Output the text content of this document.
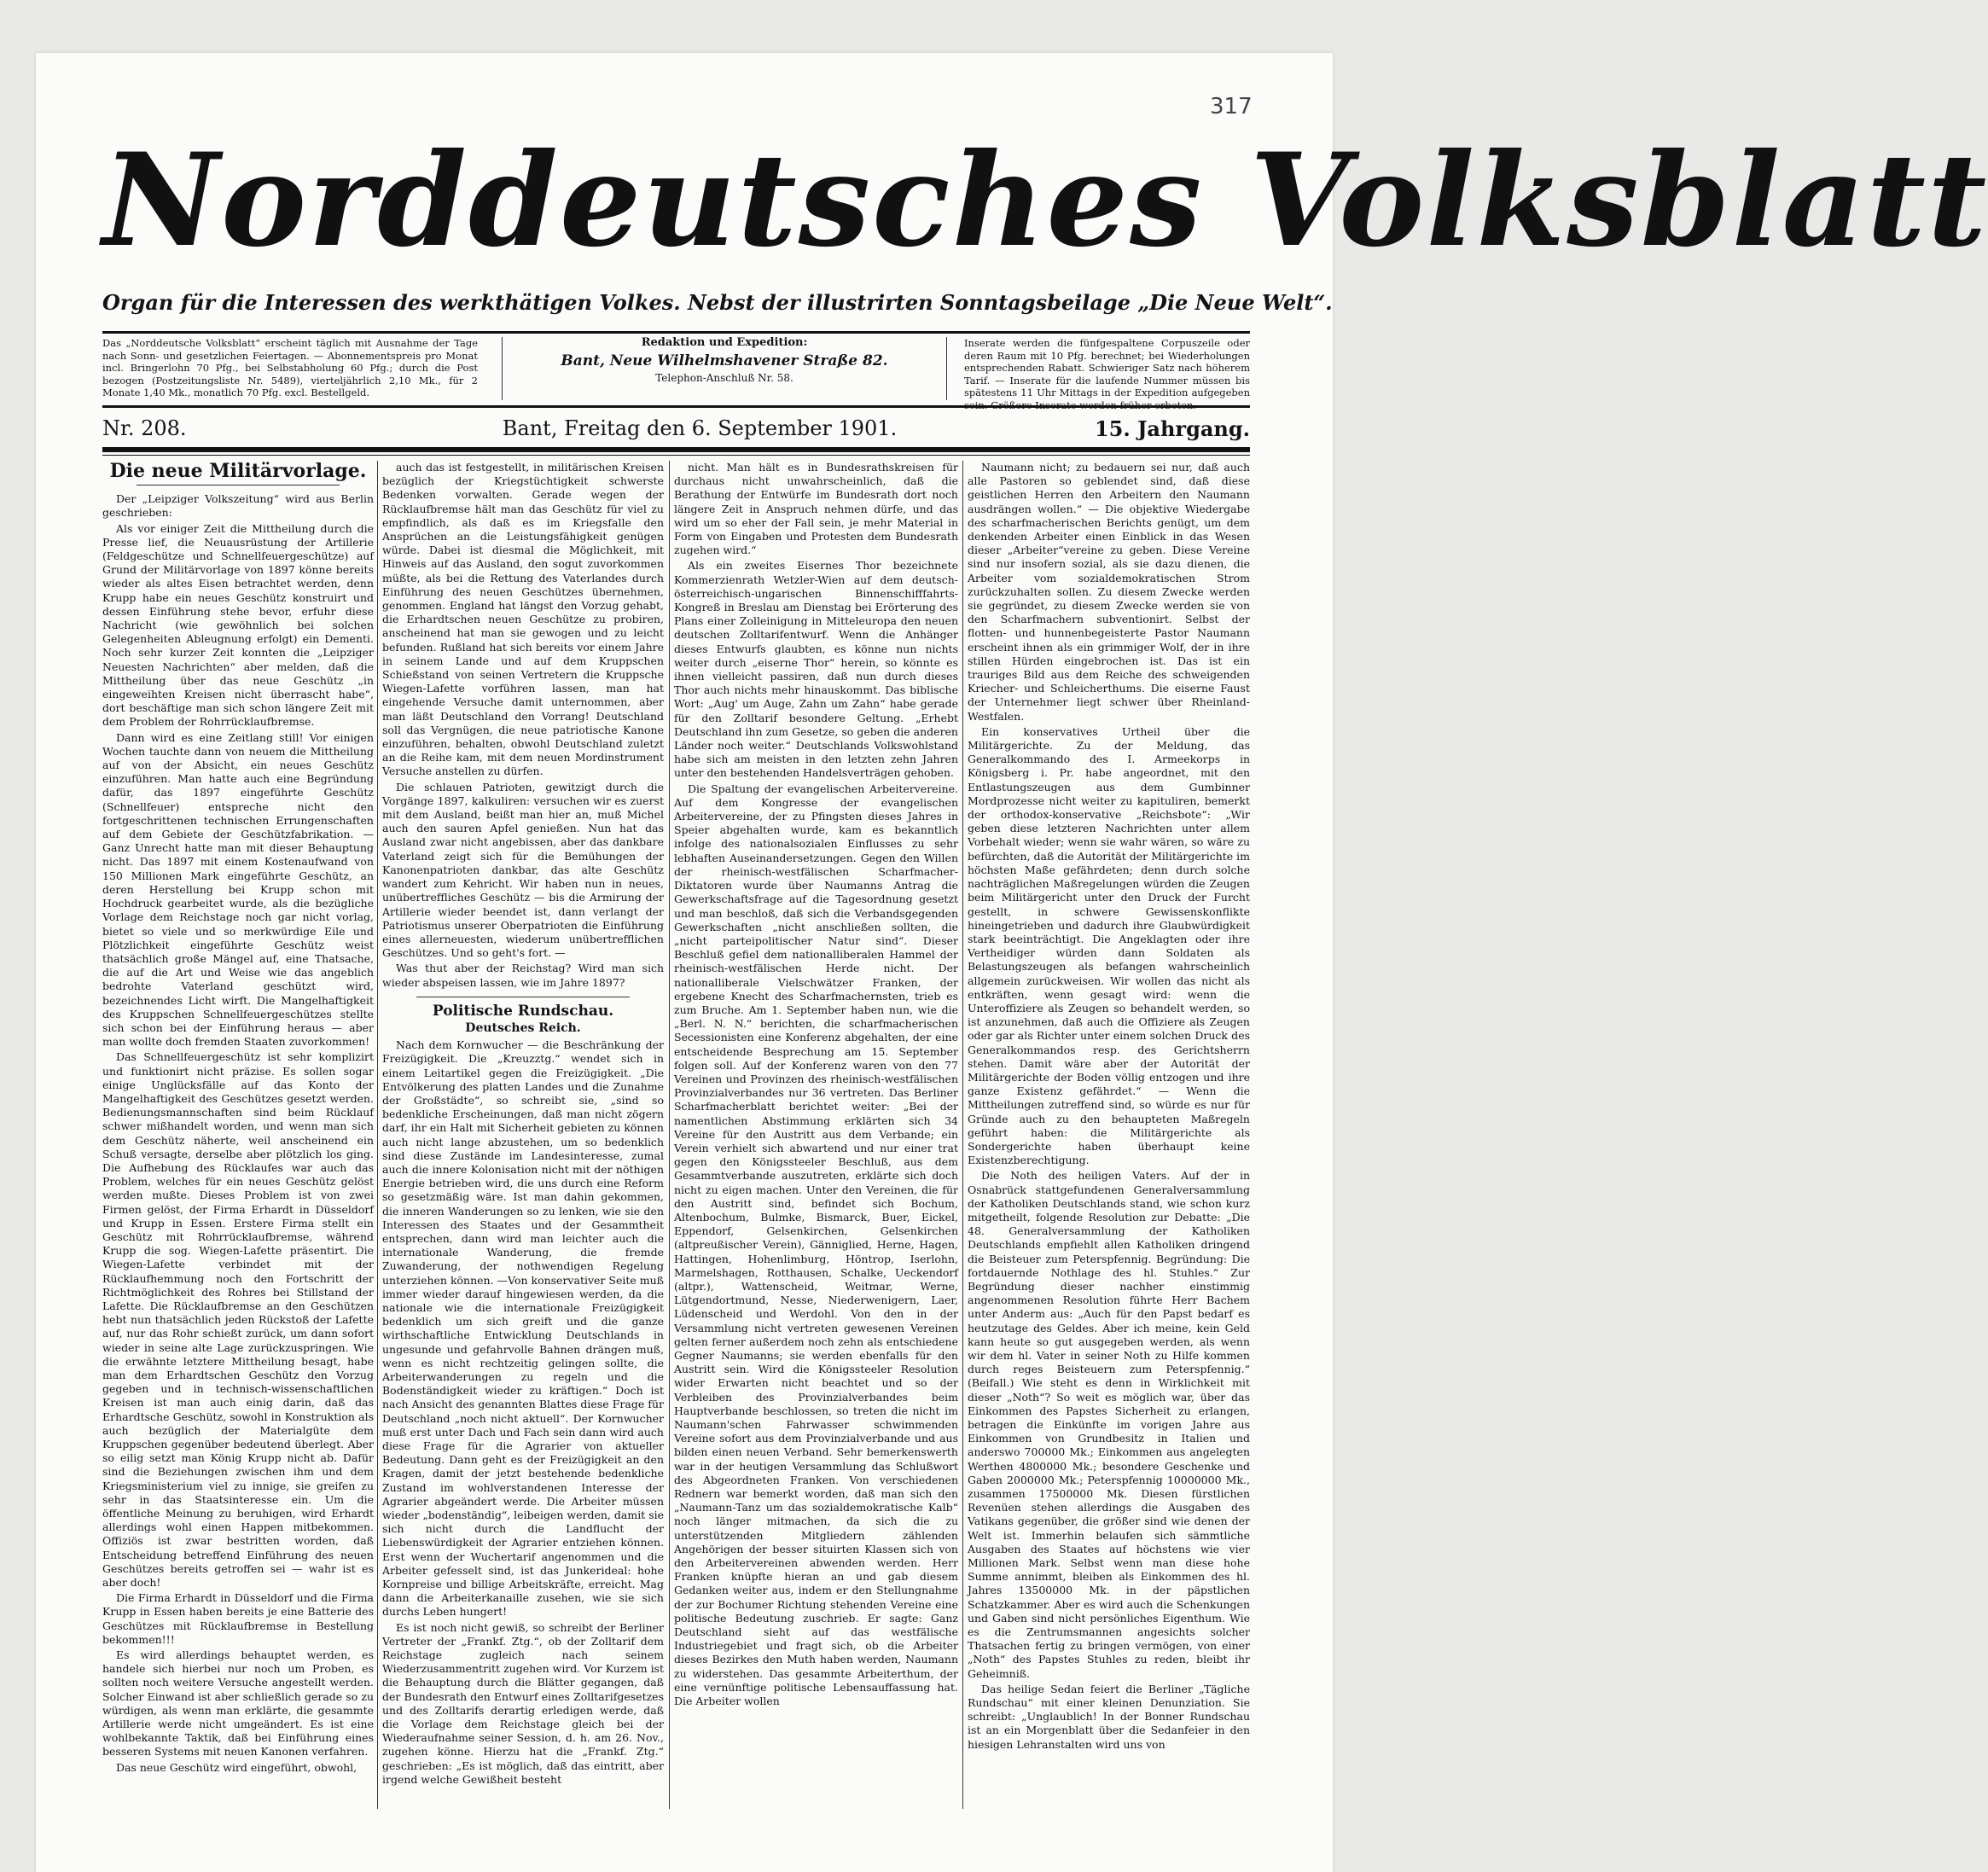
317
Norddeutsches Volksblatt
Organ für die Interessen des werkthätigen Volkes. Nebst der illustrirten Sonntagsbeilage „Die Neue Welt“.
Das „Norddeutsche Volksblatt“ erscheint täglich mit Ausnahme der Tage nach Sonn- und gesetzlichen Feiertagen. — Abonnementspreis pro Monat incl. Bringerlohn 70 Pfg., bei Selbstabholung 60 Pfg.; durch die Post bezogen (Postzeitungsliste Nr. 5489), vierteljährlich 2,10 Mk., für 2 Monate 1,40 Mk., monatlich 70 Pfg. excl. Bestellgeld.
Redaktion und Expedition:
Bant, Neue Wilhelmshavener Straße 82.
Telephon-Anschluß Nr. 58.
Inserate werden die fünfgespaltene Corpuszeile oder deren Raum mit 10 Pfg. berechnet; bei Wiederholungen entsprechenden Rabatt. Schwieriger Satz nach höherem Tarif. — Inserate für die laufende Nummer müssen bis spätestens 11 Uhr Mittags in der Expedition aufgegeben sein. Größere Inserate werden früher erbeten.
Nr. 208.	Bant, Freitag den 6. September 1901.	15. Jahrgang.
Die neue Militärvorlage.

Der „Leipziger Volkszeitung“ wird aus Berlin geschrieben:

Als vor einiger Zeit die Mittheilung durch die Presse lief, die Neuausrüstung der Artillerie (Feldgeschütze und Schnellfeuergeschütze) auf Grund der Militärvorlage von 1897 könne bereits wieder als altes Eisen betrachtet werden, denn Krupp habe ein neues Geschütz konstruirt und dessen Einführung stehe bevor, erfuhr diese Nachricht (wie gewöhnlich bei solchen Gelegenheiten Ableugnung erfolgt) ein Dementi. Noch sehr kurzer Zeit konnten die „Leipziger Neuesten Nachrichten“ aber melden, daß die Mittheilung über das neue Geschütz „in eingeweihten Kreisen nicht überrascht habe“, dort beschäftige man sich schon längere Zeit mit dem Problem der Rohrrücklaufbremse.

Dann wird es eine Zeitlang still! Vor einigen Wochen tauchte dann von neuem die Mittheilung auf von der Absicht, ein neues Geschütz einzuführen. Man hatte auch eine Begründung dafür, das 1897 eingeführte Geschütz (Schnellfeuer) entspreche nicht den fortgeschrittenen technischen Errungenschaften auf dem Gebiete der Geschützfabrikation. — Ganz Unrecht hatte man mit dieser Behauptung nicht. Das 1897 mit einem Kostenaufwand von 150 Millionen Mark eingeführte Geschütz, an deren Herstellung bei Krupp schon mit Hochdruck gearbeitet wurde, als die bezügliche Vorlage dem Reichstage noch gar nicht vorlag, bietet so viele und so merkwürdige Eile und Plötzlichkeit eingeführte Geschütz weist thatsächlich große Mängel auf, eine Thatsache, die auf die Art und Weise wie das angeblich bedrohte Vaterland geschützt wird, bezeichnendes Licht wirft. Die Mangelhaftigkeit des Kruppschen Schnellfeuergeschützes stellte sich schon bei der Einführung heraus — aber man wollte doch fremden Staaten zuvorkommen!

Das Schnellfeuergeschütz ist sehr komplizirt und funktionirt nicht präzise. Es sollen sogar einige Unglücksfälle auf das Konto der Mangelhaftigkeit des Geschützes gesetzt werden. Bedienungsmannschaften sind beim Rücklauf schwer mißhandelt worden, und wenn man sich dem Geschütz näherte, weil anscheinend ein Schuß versagte, derselbe aber plötzlich los ging. Die Aufhebung des Rücklaufes war auch das Problem, welches für ein neues Geschütz gelöst werden mußte. Dieses Problem ist von zwei Firmen gelöst, der Firma Erhardt in Düsseldorf und Krupp in Essen. Erstere Firma stellt ein Geschütz mit Rohrrücklaufbremse, während Krupp die sog. Wiegen-Lafette präsentirt. Die Wiegen-Lafette verbindet mit der Rücklaufhemmung noch den Fortschritt der Richtmöglichkeit des Rohres bei Stillstand der Lafette. Die Rücklaufbremse an den Geschützen hebt nun thatsächlich jeden Rückstoß der Lafette auf, nur das Rohr schießt zurück, um dann sofort wieder in seine alte Lage zurückzuspringen. Wie die erwähnte letztere Mittheilung besagt, habe man dem Erhardtschen Geschütz den Vorzug gegeben und in technisch-wissenschaftlichen Kreisen ist man auch einig darin, daß das Erhardtsche Geschütz, sowohl in Konstruktion als auch bezüglich der Materialgüte dem Kruppschen gegenüber bedeutend überlegt. Aber so eilig setzt man König Krupp nicht ab. Dafür sind die Beziehungen zwischen ihm und dem Kriegsministerium viel zu innige, sie greifen zu sehr in das Staatsinteresse ein. Um die öffentliche Meinung zu beruhigen, wird Erhardt allerdings wohl einen Happen mitbekommen. Offiziös ist zwar bestritten worden, daß Entscheidung betreffend Einführung des neuen Geschützes bereits getroffen sei — wahr ist es aber doch!

Die Firma Erhardt in Düsseldorf und die Firma Krupp in Essen haben bereits je eine Batterie des Geschützes mit Rücklaufbremse in Bestellung bekommen!!!

Es wird allerdings behauptet werden, es handele sich hierbei nur noch um Proben, es sollten noch weitere Versuche angestellt werden. Solcher Einwand ist aber schließlich gerade so zu würdigen, als wenn man erklärte, die gesammte Artillerie werde nicht umgeändert. Es ist eine wohlbekannte Taktik, daß bei Einführung eines besseren Systems mit neuen Kanonen verfahren.

Das neue Geschütz wird eingeführt, obwohl,

auch das ist festgestellt, in militärischen Kreisen bezüglich der Kriegstüchtigkeit schwerste Bedenken vorwalten. Gerade wegen der Rücklaufbremse hält man das Geschütz für viel zu empfindlich, als daß es im Kriegsfalle den Ansprüchen an die Leistungsfähigkeit genügen würde. Dabei ist diesmal die Möglichkeit, mit Hinweis auf das Ausland, den sogut zuvorkommen müßte, als bei die Rettung des Vaterlandes durch Einführung des neuen Geschützes übernehmen, genommen. England hat längst den Vorzug gehabt, die Erhardtschen neuen Geschütze zu probiren, anscheinend hat man sie gewogen und zu leicht befunden. Rußland hat sich bereits vor einem Jahre in seinem Lande und auf dem Kruppschen Schießstand von seinen Vertretern die Kruppsche Wiegen-Lafette vorführen lassen, man hat eingehende Versuche damit unternommen, aber man läßt Deutschland den Vorrang! Deutschland soll das Vergnügen, die neue patriotische Kanone einzuführen, behalten, obwohl Deutschland zuletzt an die Reihe kam, mit dem neuen Mordinstrument Versuche anstellen zu dürfen.

Die schlauen Patrioten, gewitzigt durch die Vorgänge 1897, kalkuliren: versuchen wir es zuerst mit dem Ausland, beißt man hier an, muß Michel auch den sauren Apfel genießen. Nun hat das Ausland zwar nicht angebissen, aber das dankbare Vaterland zeigt sich für die Bemühungen der Kanonenpatrioten dankbar, das alte Geschütz wandert zum Kehricht. Wir haben nun in neues, unübertreffliches Geschütz — bis die Armirung der Artillerie wieder beendet ist, dann verlangt der Patriotismus unserer Oberpatrioten die Einführung eines allerneuesten, wiederum unübertrefflichen Geschützes. Und so geht's fort. —

Was thut aber der Reichstag? Wird man sich wieder abspeisen lassen, wie im Jahre 1897?

Politische Rundschau.
Deutsches Reich.

Nach dem Kornwucher — die Beschränkung der Freizügigkeit. Die „Kreuzztg.“ wendet sich in einem Leitartikel gegen die Freizügigkeit. „Die Entvölkerung des platten Landes und die Zunahme der Großstädte“, so schreibt sie, „sind so bedenkliche Erscheinungen, daß man nicht zögern darf, ihr ein Halt mit Sicherheit gebieten zu können auch nicht lange abzustehen, um so bedenklich sind diese Zustände im Landesinteresse, zumal auch die innere Kolonisation nicht mit der nöthigen Energie betrieben wird, die uns durch eine Reform so gesetzmäßig wäre. Ist man dahin gekommen, die inneren Wanderungen so zu lenken, wie sie den Interessen des Staates und der Gesammtheit entsprechen, dann wird man leichter auch die internationale Wanderung, die fremde Zuwanderung, der nothwendigen Regelung unterziehen können. —Von konservativer Seite muß immer wieder darauf hingewiesen werden, da die nationale wie die internationale Freizügigkeit bedenklich um sich greift und die ganze wirthschaftliche Entwicklung Deutschlands in ungesunde und gefahrvolle Bahnen drängen muß, wenn es nicht rechtzeitig gelingen sollte, die Arbeiterwanderungen zu regeln und die Bodenständigkeit wieder zu kräftigen.“ Doch ist nach Ansicht des genannten Blattes diese Frage für Deutschland „noch nicht aktuell“. Der Kornwucher muß erst unter Dach und Fach sein dann wird auch diese Frage für die Agrarier von aktueller Bedeutung. Dann geht es der Freizügigkeit an den Kragen, damit der jetzt bestehende bedenkliche Zustand im wohlverstandenen Interesse der Agrarier abgeändert werde. Die Arbeiter müssen wieder „bodenständig“, leibeigen werden, damit sie sich nicht durch die Landflucht der Liebenswürdigkeit der Agrarier entziehen können. Erst wenn der Wuchertarif angenommen und die Arbeiter gefesselt sind, ist das Junkerideal: hohe Kornpreise und billige Arbeitskräfte, erreicht. Mag dann die Arbeiterkanaille zusehen, wie sie sich durchs Leben hungert!

Es ist noch nicht gewiß, so schreibt der Berliner Vertreter der „Frankf. Ztg.“, ob der Zolltarif dem Reichstage zugleich nach seinem Wiederzusammentritt zugehen wird. Vor Kurzem ist die Behauptung durch die Blätter gegangen, daß der Bundesrath den Entwurf eines Zolltarifgesetzes und des Zolltarifs derartig erledigen werde, daß die Vorlage dem Reichstage gleich bei der Wiederaufnahme seiner Session, d. h. am 26. Nov., zugehen könne. Hierzu hat die „Frankf. Ztg.“ geschrieben: „Es ist möglich, daß das eintritt, aber irgend welche Gewißheit besteht

nicht. Man hält es in Bundesrathskreisen für durchaus nicht unwahrscheinlich, daß die Berathung der Entwürfe im Bundesrath dort noch längere Zeit in Anspruch nehmen dürfe, und das wird um so eher der Fall sein, je mehr Material in Form von Eingaben und Protesten dem Bundesrath zugehen wird.“

Als ein zweites Eisernes Thor bezeichnete Kommerzienrath Wetzler-Wien auf dem deutsch-österreichisch-ungarischen Binnenschifffahrts-Kongreß in Breslau am Dienstag bei Erörterung des Plans einer Zolleinigung in Mitteleuropa den neuen deutschen Zolltarifentwurf. Wenn die Anhänger dieses Entwurfs glaubten, es könne nun nichts weiter durch „eiserne Thor“ herein, so könnte es ihnen vielleicht passiren, daß nun durch dieses Thor auch nichts mehr hinauskommt. Das biblische Wort: „Aug' um Auge, Zahn um Zahn“ habe gerade für den Zolltarif besondere Geltung. „Erhebt Deutschland ihn zum Gesetze, so geben die anderen Länder noch weiter.“ Deutschlands Volkswohlstand habe sich am meisten in den letzten zehn Jahren unter den bestehenden Handelsverträgen gehoben.

Die Spaltung der evangelischen Arbeitervereine. Auf dem Kongresse der evangelischen Arbeitervereine, der zu Pfingsten dieses Jahres in Speier abgehalten wurde, kam es bekanntlich infolge des nationalsozialen Einflusses zu sehr lebhaften Auseinandersetzungen. Gegen den Willen der rheinisch-westfälischen Scharfmacher-Diktatoren wurde über Naumanns Antrag die Gewerkschaftsfrage auf die Tagesordnung gesetzt und man beschloß, daß sich die Verbandsgegenden Gewerkschaften „nicht anschließen sollten, die „nicht parteipolitischer Natur sind“. Dieser Beschluß gefiel dem nationalliberalen Hammel der rheinisch-westfälischen Herde nicht. Der nationalliberale Vielschwätzer Franken, der ergebene Knecht des Scharfmachernsten, trieb es zum Bruche. Am 1. September haben nun, wie die „Berl. N. N.“ berichten, die scharfmacherischen Secessionisten eine Konferenz abgehalten, der eine entscheidende Besprechung am 15. September folgen soll. Auf der Konferenz waren von den 77 Vereinen und Provinzen des rheinisch-westfälischen Provinzialverbandes nur 36 vertreten. Das Berliner Scharfmacherblatt berichtet weiter: „Bei der namentlichen Abstimmung erklärten sich 34 Vereine für den Austritt aus dem Verbande; ein Verein verhielt sich abwartend und nur einer trat gegen den Königssteeler Beschluß, aus dem Gesammtverbande auszutreten, erklärte sich doch nicht zu eigen machen. Unter den Vereinen, die für den Austritt sind, befindet sich Bochum, Altenbochum, Bulmke, Bismarck, Buer, Eickel, Eppendorf, Gelsenkirchen, Gelsenkirchen (altpreußischer Verein), Gänniglied, Herne, Hagen, Hattingen, Hohenlimburg, Höntrop, Iserlohn, Marmelshagen, Rotthausen, Schalke, Ueckendorf (altpr.), Wattenscheid, Weitmar, Werne, Lütgendortmund, Nesse, Niederwenigern, Laer, Lüdenscheid und Werdohl. Von den in der Versammlung nicht vertreten gewesenen Vereinen gelten ferner außerdem noch zehn als entschiedene Gegner Naumanns; sie werden ebenfalls für den Austritt sein. Wird die Königssteeler Resolution wider Erwarten nicht beachtet und so der Verbleiben des Provinzialverbandes beim Hauptverbande beschlossen, so treten die nicht im Naumann'schen Fahrwasser schwimmenden Vereine sofort aus dem Provinzialverbande und aus bilden einen neuen Verband. Sehr bemerkenswerth war in der heutigen Versammlung das Schlußwort des Abgeordneten Franken. Von verschiedenen Rednern war bemerkt worden, daß man sich den „Naumann-Tanz um das sozialdemokratische Kalb“ noch länger mitmachen, da sich die zu unterstützenden Mitgliedern zählenden Angehörigen der besser situirten Klassen sich von den Arbeitervereinen abwenden werden. Herr Franken knüpfte hieran an und gab diesem Gedanken weiter aus, indem er den Stellungnahme der zur Bochumer Richtung stehenden Vereine eine politische Bedeutung zuschrieb. Er sagte: Ganz Deutschland sieht auf das westfälische Industriegebiet und fragt sich, ob die Arbeiter dieses Bezirkes den Muth haben werden, Naumann zu widerstehen. Das gesammte Arbeiterthum, der eine vernünftige politische Lebensauffassung hat. Die Arbeiter wollen

Naumann nicht; zu bedauern sei nur, daß auch alle Pastoren so geblendet sind, daß diese geistlichen Herren den Arbeitern den Naumann ausdrängen wollen.“ — Die objektive Wiedergabe des scharfmacherischen Berichts genügt, um dem denkenden Arbeiter einen Einblick in das Wesen dieser „Arbeiter“vereine zu geben. Diese Vereine sind nur insofern sozial, als sie dazu dienen, die Arbeiter vom sozialdemokratischen Strom zurückzuhalten sollen. Zu diesem Zwecke werden sie gegründet, zu diesem Zwecke werden sie von den Scharfmachern subventionirt. Selbst der flotten- und hunnenbegeisterte Pastor Naumann erscheint ihnen als ein grimmiger Wolf, der in ihre stillen Hürden eingebrochen ist. Das ist ein trauriges Bild aus dem Reiche des schweigenden Kriecher- und Schleicherthums. Die eiserne Faust der Unternehmer liegt schwer über Rheinland-Westfalen.

Ein konservatives Urtheil über die Militärgerichte. Zu der Meldung, das Generalkommando des I. Armeekorps in Königsberg i. Pr. habe angeordnet, mit den Entlastungszeugen aus dem Gumbinner Mordprozesse nicht weiter zu kapituliren, bemerkt der orthodox-konservative „Reichsbote“: „Wir geben diese letzteren Nachrichten unter allem Vorbehalt wieder; wenn sie wahr wären, so wäre zu befürchten, daß die Autorität der Militärgerichte im höchsten Maße gefährdeten; denn durch solche nachträglichen Maßregelungen würden die Zeugen beim Militärgericht unter den Druck der Furcht gestellt, in schwere Gewissenskonflikte hineingetrieben und dadurch ihre Glaubwürdigkeit stark beeinträchtigt. Die Angeklagten oder ihre Vertheidiger würden dann Soldaten als Belastungszeugen als befangen wahrscheinlich allgemein zurückweisen. Wir wollen das nicht als entkräften, wenn gesagt wird: wenn die Unteroffiziere als Zeugen so behandelt werden, so ist anzunehmen, daß auch die Offiziere als Zeugen oder gar als Richter unter einem solchen Druck des Generalkommandos resp. des Gerichtsherrn stehen. Damit wäre aber der Autorität der Militärgerichte der Boden völlig entzogen und ihre ganze Existenz gefährdet.“ — Wenn die Mittheilungen zutreffend sind, so würde es nur für Gründe auch zu den behaupteten Maßregeln geführt haben: die Militärgerichte als Sondergerichte haben überhaupt keine Existenzberechtigung.

Die Noth des heiligen Vaters. Auf der in Osnabrück stattgefundenen Generalversammlung der Katholiken Deutschlands stand, wie schon kurz mitgetheilt, folgende Resolution zur Debatte: „Die 48. Generalversammlung der Katholiken Deutschlands empfiehlt allen Katholiken dringend die Beisteuer zum Peterspfennig. Begründung: Die fortdauernde Nothlage des hl. Stuhles.“ Zur Begründung dieser nachher einstimmig angenommenen Resolution führte Herr Bachem unter Anderm aus: „Auch für den Papst bedarf es heutzutage des Geldes. Aber ich meine, kein Geld kann heute so gut ausgegeben werden, als wenn wir dem hl. Vater in seiner Noth zu Hilfe kommen durch reges Beisteuern zum Peterspfennig.“ (Beifall.) Wie steht es denn in Wirklichkeit mit dieser „Noth“? So weit es möglich war, über das Einkommen des Papstes Sicherheit zu erlangen, betragen die Einkünfte im vorigen Jahre aus Einkommen von Grundbesitz in Italien und anderswo 700000 Mk.; Einkommen aus angelegten Werthen 4800000 Mk.; besondere Geschenke und Gaben 2000000 Mk.; Peterspfennig 10000000 Mk., zusammen 17500000 Mk. Diesen fürstlichen Revenüen stehen allerdings die Ausgaben des Vatikans gegenüber, die größer sind wie denen der Welt ist. Immerhin belaufen sich sämmtliche Ausgaben des Staates auf höchstens wie vier Millionen Mark. Selbst wenn man diese hohe Summe annimmt, bleiben als Einkommen des hl. Jahres 13500000 Mk. in der päpstlichen Schatzkammer. Aber es wird auch die Schenkungen und Gaben sind nicht persönliches Eigenthum. Wie es die Zentrumsmannen angesichts solcher Thatsachen fertig zu bringen vermögen, von einer „Noth“ des Papstes Stuhles zu reden, bleibt ihr Geheimniß.

Das heilige Sedan feiert die Berliner „Tägliche Rundschau“ mit einer kleinen Denunziation. Sie schreibt: „Unglaublich! In der Bonner Rundschau ist an ein Morgenblatt über die Sedanfeier in den hiesigen Lehranstalten wird uns von
